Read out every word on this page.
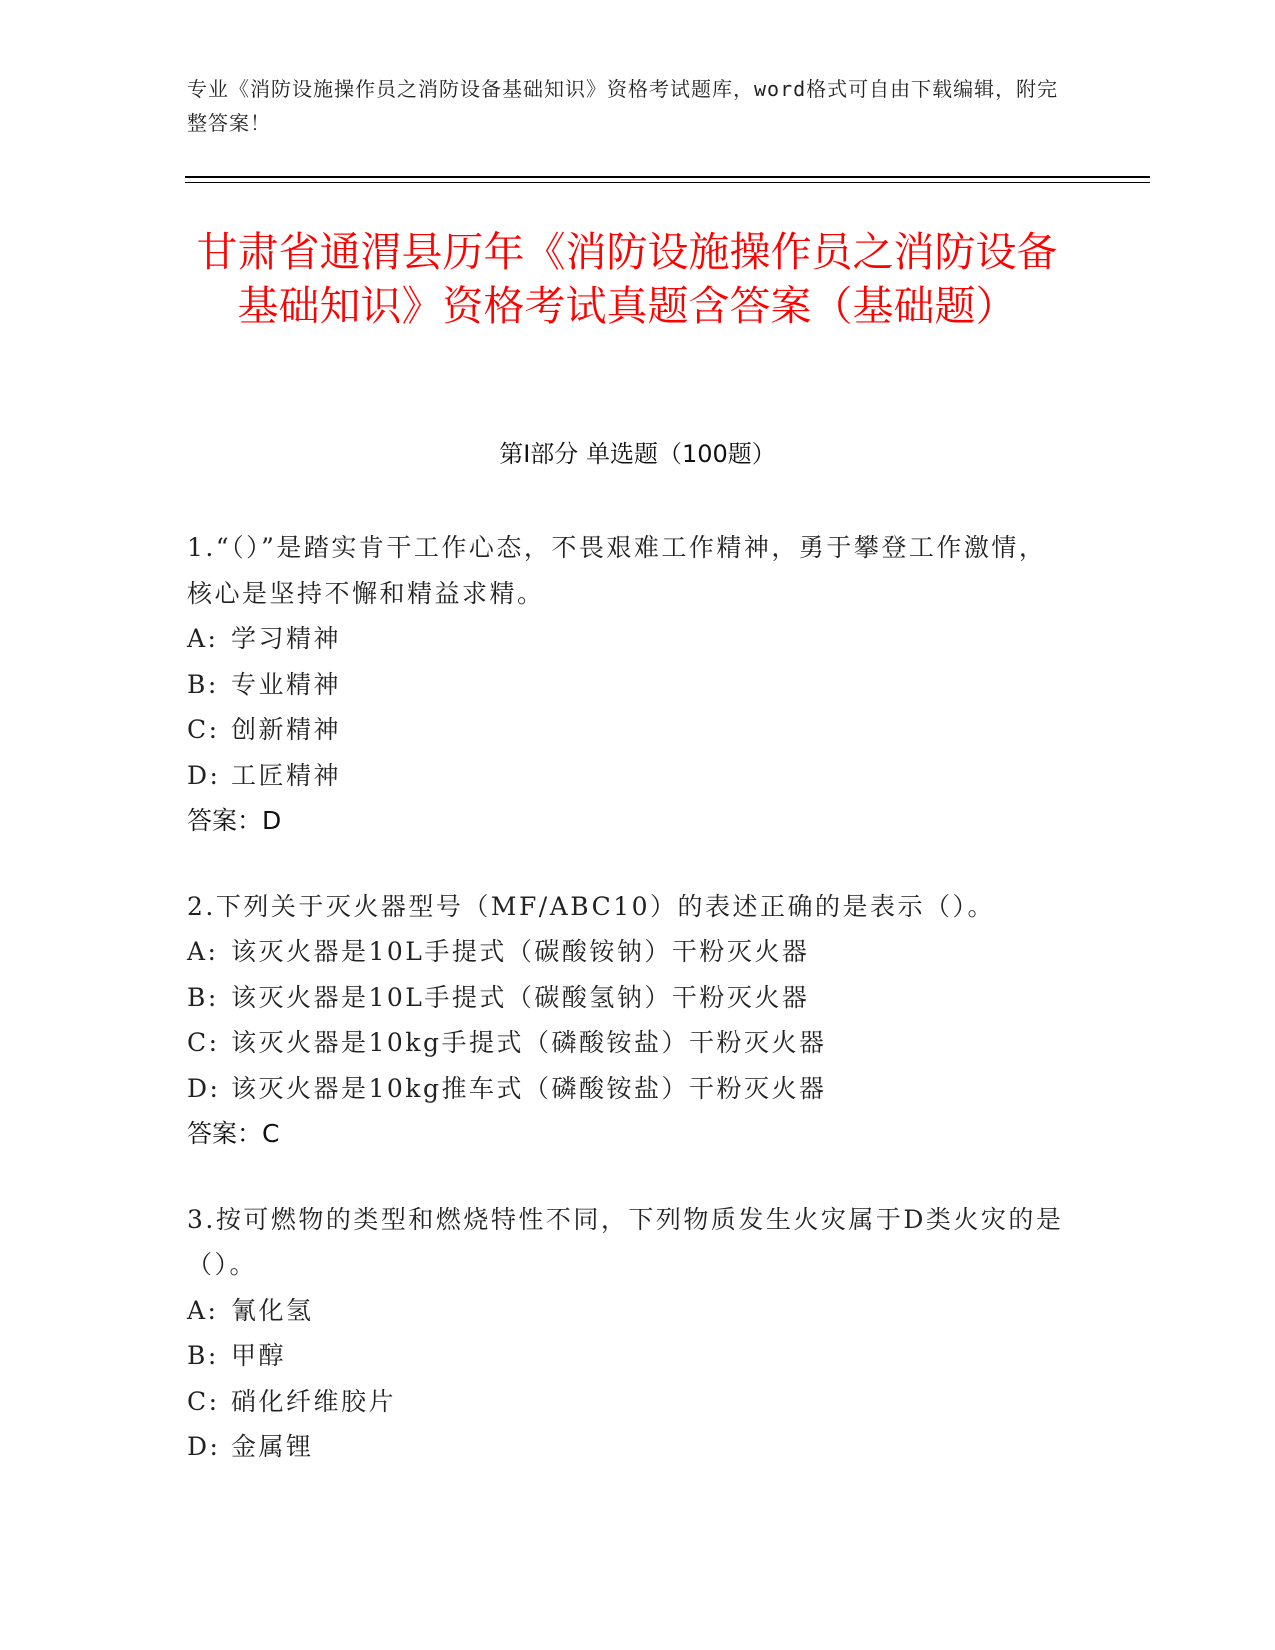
专业《消防设施操作员之消防设备基础知识》资格考试题库，word格式可自由下载编辑，附完整答案！
甘肃省通渭县历年《消防设施操作员之消防设备基础知识》资格考试真题含答案（基础题）
第Ⅰ部分 单选题（100题）

1.“（）”是踏实肯干工作心态，不畏艰难工作精神，勇于攀登工作激情，核心是坚持不懈和精益求精。

A: 学习精神

B: 专业精神

C: 创新精神

D: 工匠精神

答案：D

2.下列关于灭火器型号（MF/ABC10）的表述正确的是表示（）。

A: 该灭火器是10L手提式（碳酸铵钠）干粉灭火器

B: 该灭火器是10L手提式（碳酸氢钠）干粉灭火器

C: 该灭火器是10kg手提式（磷酸铵盐）干粉灭火器

D: 该灭火器是10kg推车式（磷酸铵盐）干粉灭火器

答案：C

3.按可燃物的类型和燃烧特性不同，下列物质发生火灾属于D类火灾的是（）。

A: 氰化氢

B: 甲醇

C: 硝化纤维胶片

D: 金属锂
